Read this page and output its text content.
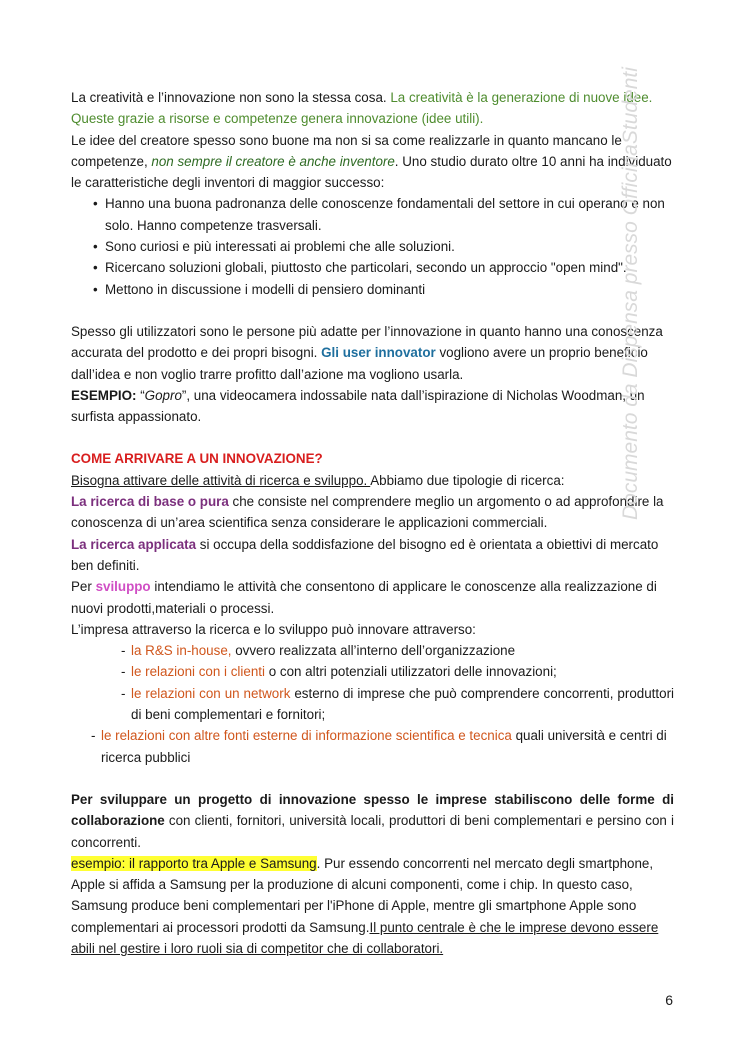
La creatività e l’innovazione non sono la stessa cosa. La creatività è la generazione di nuove idee. Queste grazie a risorse e competenze genera innovazione (idee utili).

Le idee del creatore spesso sono buone ma non si sa come realizzarle in quanto mancano le competenze, non sempre il creatore è anche inventore. Uno studio durato oltre 10 anni ha individuato le caratteristiche degli inventori di maggior successo:

• Hanno una buona padronanza delle conoscenze fondamentali del settore in cui operano e non solo. Hanno competenze trasversali.
• Sono curiosi e più interessati ai problemi che alle soluzioni.
• Ricercano soluzioni globali, piuttosto che particolari, secondo un approccio "open mind".
• Mettono in discussione i modelli di pensiero dominanti

Spesso gli utilizzatori sono le persone più adatte per l’innovazione in quanto hanno una conoscenza accurata del prodotto e dei propri bisogni. Gli user innovator vogliono avere un proprio beneficio dall’idea e non voglio trarre profitto dall’azione ma vogliono usarla.

ESEMPIO: “Gopro”, una videocamera indossabile nata dall’ispirazione di Nicholas Woodman, un surfista appassionato.

COME ARRIVARE A UN INNOVAZIONE?

Bisogna attivare delle attività di ricerca e sviluppo. Abbiamo due tipologie di ricerca:

La ricerca di base o pura che consiste nel comprendere meglio un argomento o ad approfondire la conoscenza di un’area scientifica senza considerare le applicazioni commerciali.

La ricerca applicata si occupa della soddisfazione del bisogno ed è orientata a obiettivi di mercato ben definiti.

Per sviluppo intendiamo le attività che consentono di applicare le conoscenze alla realizzazione di nuovi prodotti,materiali o processi.

L’impresa attraverso la ricerca e lo sviluppo può innovare attraverso:

- la R&S in-house, ovvero realizzata all’interno dell’organizzazione
- le relazioni con i clienti o con altri potenziali utilizzatori delle innovazioni;
- le relazioni con un network esterno di imprese che può comprendere concorrenti, produttori di beni complementari e fornitori;
- le relazioni con altre fonti esterne di informazione scientifica e tecnica quali università e centri di ricerca pubblici

Per sviluppare un progetto di innovazione spesso le imprese stabiliscono delle forme di collaborazione con clienti, fornitori, università locali, produttori di beni complementari e persino con i concorrenti.

esempio: il rapporto tra Apple e Samsung. Pur essendo concorrenti nel mercato degli smartphone, Apple si affida a Samsung per la produzione di alcuni componenti, come i chip. In questo caso, Samsung produce beni complementari per l'iPhone di Apple, mentre gli smartphone Apple sono complementari ai processori prodotti da Samsung.Il punto centrale è che le imprese devono essere abili nel gestire i loro ruoli sia di competitor che di collaboratori.

Documento da Dispensa presso OfficinaStudenti
6
